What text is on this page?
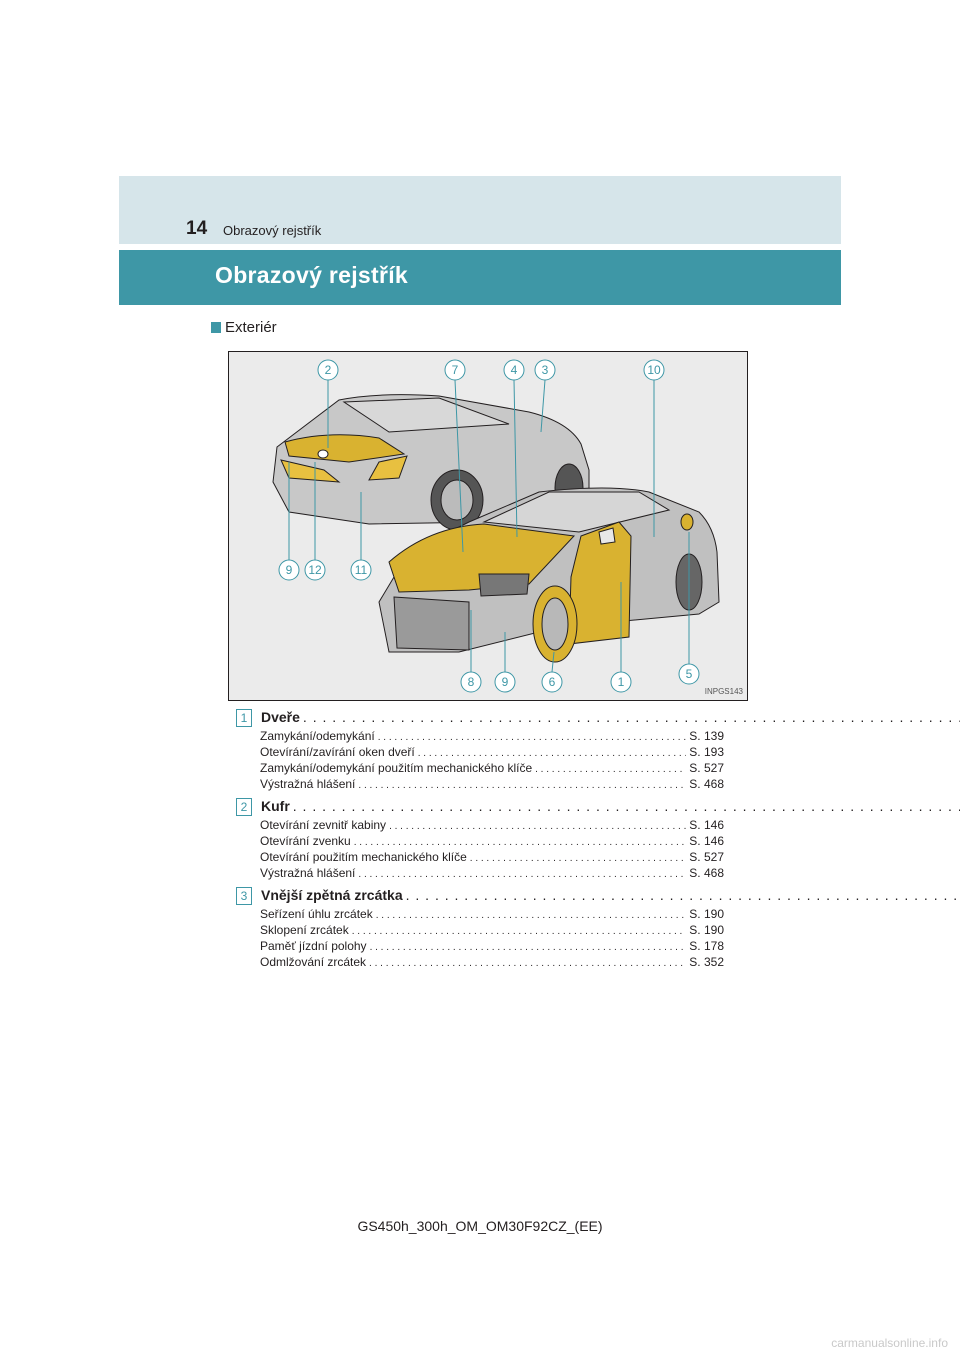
14 Obrazový rejstřík
Obrazový rejstřík
Exteriér
2	7	4 3	10
9 12	11
8 9	6	1
5
INPGS143
1 Dveře
. . .
Zamykání/odemykání . . .	S. 139
Otevírání/zavírání oken dveří . . .	S. 193
Zamykání/odemykání použitím mechanického klíče . . .	S. 527
Výstražná hlášení . . .	S. 468
2 Kufr
. . .
Otevírání zevnitř kabiny . . .	S. 146
Otevírání zvenku . . .	S. 146
Otevírání použitím mechanického klíče . . .	S. 527
Výstražná hlášení . . .	S. 468
3 Vnější zpětná zrcátka
. . .
Seřízení úhlu zrcátek . . .	S. 190
Sklopení zrcátek . . .	S. 190
Paměť jízdní polohy . . .	S. 178
Odmlžování zrcátek . . .	S. 352
GS450h_300h_OM_OM30F92CZ_(EE)
carmanualsonline.info
